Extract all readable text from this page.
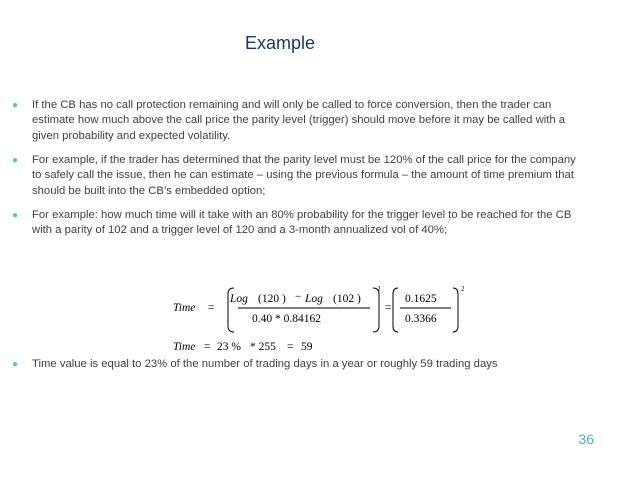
Example
●	If the CB has no call protection remaining and will only be called to force conversion, then the trader can estimate how much above the call price the parity level (trigger) should move before it may be called with a given probability and expected volatility.
●	For example, if the trader has determined that the parity level must be 120% of the call price for the company to safely call the issue, then he can estimate – using the previous formula – the amount of time premium that should be built into the CB’s embedded option;
●	For example: how much time will it take with an 80% probability for the trigger level to be reached for the CB with a parity of 102 and a trigger level of 120 and a 3-month annualized vol of 40%;
Time =
Log (120 ) − Log (102 )
0.40 * 0.84162
2
=
0.1625
0.3366
2
Time = 23 % * 255 = 59
●	Time value is equal to 23% of the number of trading days in a year or roughly 59 trading days
36
